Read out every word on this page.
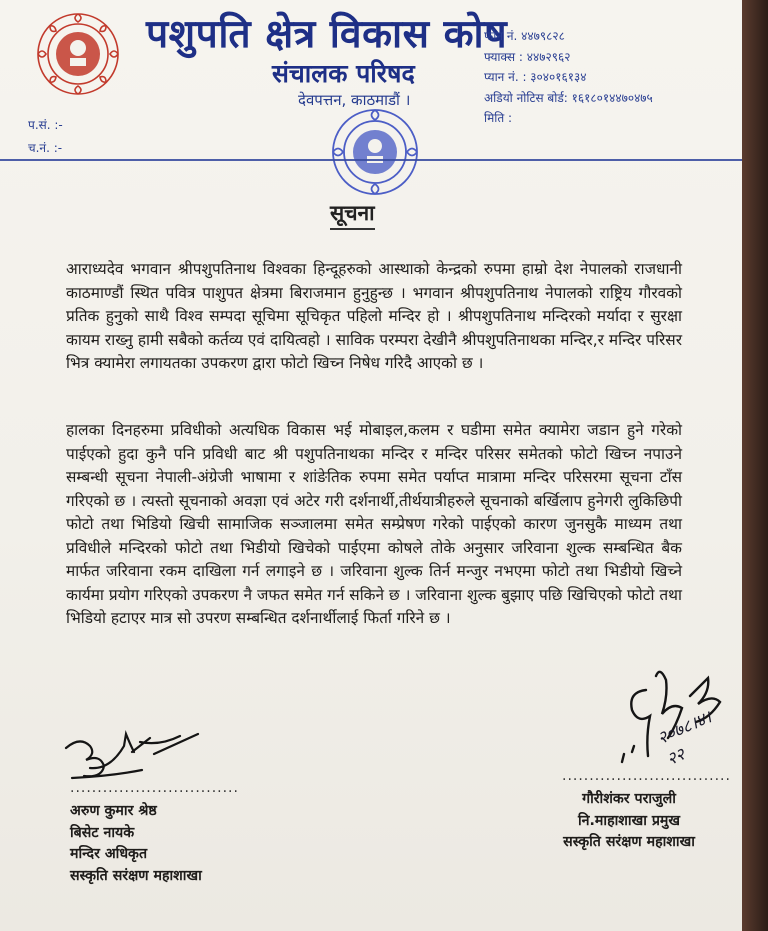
पशुपति क्षेत्र विकास कोष
संचालक परिषद

देवपत्तन, काठमाडौं ।

फोन नं. ४४७९८२८
फ्याक्स : ४४७२९६२
प्यान नं. : ३०४०१६१३४
अडियो नोटिस बोर्ड: १६१८०१४४७०४७५
मिति :
प.सं. :-
च.नं. :-
सूचना

आराध्यदेव भगवान श्रीपशुपतिनाथ विश्वका हिन्दूहरुको आस्थाको केन्द्रको रुपमा हाम्रो देश नेपालको राजधानी काठमाण्डौं स्थित पवित्र पाशुपत क्षेत्रमा बिराजमान हुनुहुन्छ । भगवान श्रीपशुपतिनाथ नेपालको राष्ट्रिय गौरवको प्रतिक हुनुको साथै विश्व सम्पदा सूचिमा सूचिकृत पहिलो मन्दिर हो । श्रीपशुपतिनाथ मन्दिरको मर्यादा र सुरक्षा कायम राख्नु हामी सबैको कर्तव्य एवं दायित्वहो । साविक परम्परा देखीनै श्रीपशुपतिनाथका मन्दिर,र मन्दिर परिसर भित्र क्यामेरा लगायतका उपकरण द्वारा फोटो खिच्न निषेध गरिदै आएको छ ।

हालका दिनहरुमा प्रविधीको अत्यधिक विकास भई मोबाइल,कलम र घडीमा समेत क्यामेरा जडान हुने गरेको पाईएको हुदा कुनै पनि प्रविधी बाट श्री पशुपतिनाथका मन्दिर र मन्दिर परिसर समेतको फोटो खिच्न नपाउने सम्बन्धी सूचना नेपाली-अंग्रेजी भाषामा र शांङेतिक रुपमा समेत पर्याप्त मात्रामा मन्दिर परिसरमा सूचना टाँस गरिएको छ । त्यस्तो सूचनाको अवज्ञा एवं अटेर गरी दर्शनार्थी,तीर्थयात्रीहरुले सूचनाको बर्खिलाप हुनेगरी लुकिछिपी फोटो तथा भिडियो खिची सामाजिक सञ्जालमा समेत सम्प्रेषण गरेको पाईएको कारण जुनसुकै माध्यम तथा प्रविधीले मन्दिरको फोटो तथा भिडीयो खिचेको पाईएमा कोषले तोके अनुसार जरिवाना शुल्क सम्बन्धित बैक मार्फत जरिवाना रकम दाखिला गर्न लगाइने छ । जरिवाना शुल्क तिर्न मन्जुर नभएमा फोटो तथा भिडीयो खिच्ने कार्यमा प्रयोग गरिएको उपकरण नै जफत समेत गर्न सकिने छ । जरिवाना शुल्क बुझाए पछि खिचिएको फोटो तथा भिडियो हटाएर मात्र सो उपरण सम्बन्धित दर्शनार्थीलाई फिर्ता गरिने छ ।

२०७८।४।२२
...............................
...............................
अरुण कुमार श्रेष्ठ
बिसेट नायके
मन्दिर अधिकृत
सस्कृति सरंक्षण महाशाखा
गौरीशंकर पराजुली
नि.माहाशाखा प्रमुख
सस्कृति सरंक्षण महाशाखा
